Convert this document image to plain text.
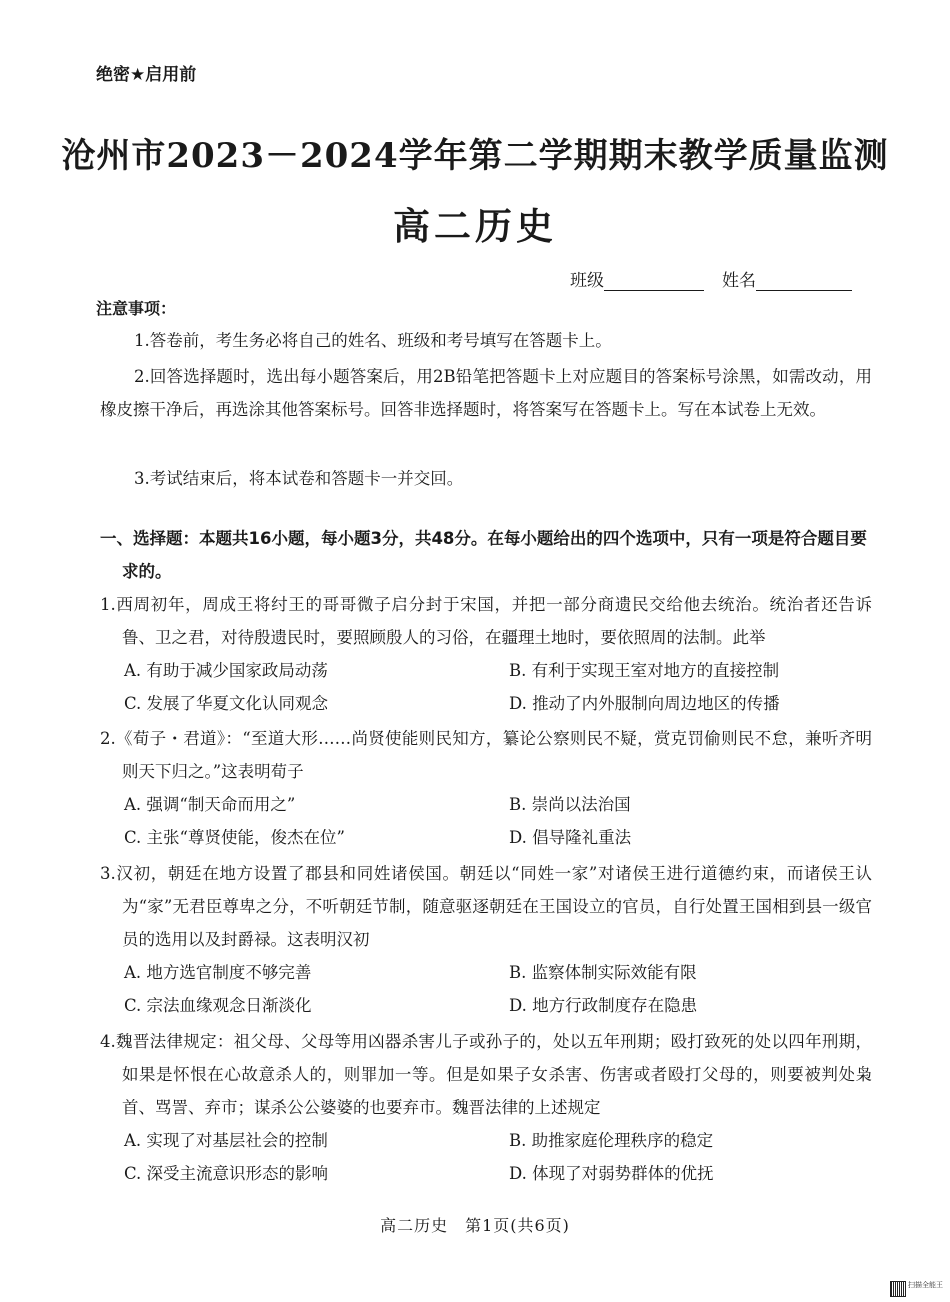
绝密★启用前
沧州市2023－2024学年第二学期期末教学质量监测
高二历史
班级	姓名
注意事项：
1.答卷前，考生务必将自己的姓名、班级和考号填写在答题卡上。
2.回答选择题时，选出每小题答案后，用2B铅笔把答题卡上对应题目的答案标号涂黑，如需改动，用橡皮擦干净后，再选涂其他答案标号。回答非选择题时，将答案写在答题卡上。写在本试卷上无效。
3.考试结束后，将本试卷和答题卡一并交回。
一、选择题：本题共16小题，每小题3分，共48分。在每小题给出的四个选项中，只有一项是符合题目要求的。
1.西周初年，周成王将纣王的哥哥微子启分封于宋国，并把一部分商遗民交给他去统治。统治者还告诉鲁、卫之君，对待殷遗民时，要照顾殷人的习俗，在疆理土地时，要依照周的法制。此举
A. 有助于减少国家政局动荡	B. 有利于实现王室对地方的直接控制
C. 发展了华夏文化认同观念	D. 推动了内外服制向周边地区的传播
2.《荀子・君道》：“至道大形……尚贤使能则民知方，纂论公察则民不疑，赏克罚偷则民不怠，兼听齐明则天下归之。”这表明荀子
A. 强调“制天命而用之”	B. 崇尚以法治国
C. 主张“尊贤使能，俊杰在位”	D. 倡导隆礼重法
3.汉初，朝廷在地方设置了郡县和同姓诸侯国。朝廷以“同姓一家”对诸侯王进行道德约束，而诸侯王认为“家”无君臣尊卑之分，不听朝廷节制，随意驱逐朝廷在王国设立的官员，自行处置王国相到县一级官员的选用以及封爵禄。这表明汉初
A. 地方选官制度不够完善	B. 监察体制实际效能有限
C. 宗法血缘观念日渐淡化	D. 地方行政制度存在隐患
4.魏晋法律规定：祖父母、父母等用凶器杀害儿子或孙子的，处以五年刑期；殴打致死的处以四年刑期，如果是怀恨在心故意杀人的，则罪加一等。但是如果子女杀害、伤害或者殴打父母的，则要被判处枭首、骂詈、弃市；谋杀公公婆婆的也要弃市。魏晋法律的上述规定
A. 实现了对基层社会的控制	B. 助推家庭伦理秩序的稳定
C. 深受主流意识形态的影响	D. 体现了对弱势群体的优抚
高二历史　第1页(共6页)
扫描全能王
